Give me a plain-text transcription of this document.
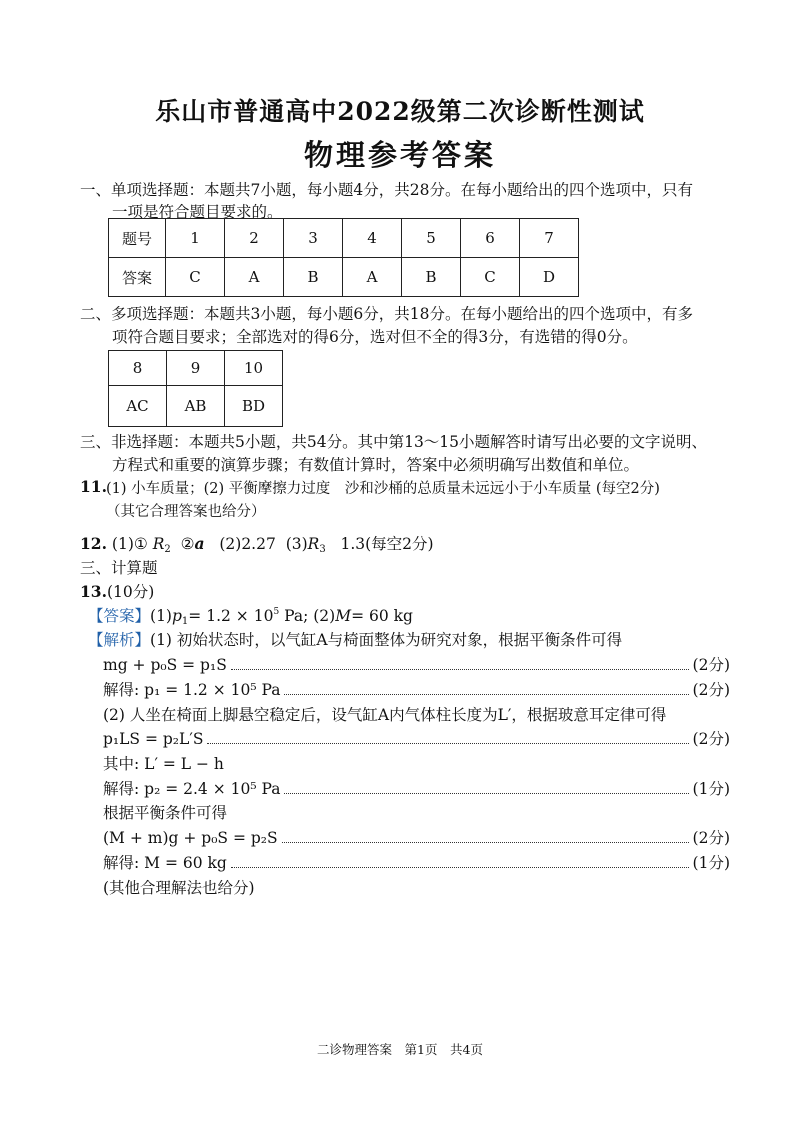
乐山市普通高中2022级第二次诊断性测试
物理参考答案
一、单项选择题：本题共7小题，每小题4分，共28分。在每小题给出的四个选项中，只有
一项是符合题目要求的。
题号	1	2	3	4	5	6	7
答案	C	A	B	A	B	C	D
二、多项选择题：本题共3小题，每小题6分，共18分。在每小题给出的四个选项中，有多
项符合题目要求；全部选对的得6分，选对但不全的得3分，有选错的得0分。
8	9	10
AC	AB	BD
三、非选择题：本题共5小题，共54分。其中第13～15小题解答时请写出必要的文字说明、
方程式和重要的演算步骤；有数值计算时，答案中必须明确写出数值和单位。
11. (1) 小车质量；(2) 平衡摩擦力过度　沙和沙桶的总质量未远远小于小车质量 (每空2分)
（其它合理答案也给分）
12. (1)① $R_2$ ②a (2)2.27 $(3)R_3$ 1.3(每空2分)
三、计算题
13.(10分)
【答案】$(1)p_1= 1.2 \times 10^5$ Pa; (2)M= 60 kg
【解析】(1) 初始状态时，以气缸A与椅面整体为研究对象，根据平衡条件可得
mg + p₀S = p₁S	(2分)
解得: p₁ = 1.2 × 10⁵ Pa	(2分)
(2) 人坐在椅面上脚悬空稳定后，设气缸A内气体柱长度为L′，根据玻意耳定律可得
p₁LS = p₂L′S	(2分)
其中: L′ = L − h
解得: p₂ = 2.4 × 10⁵ Pa	(1分)
根据平衡条件可得
(M + m)g + p₀S = p₂S	(2分)
解得: M = 60 kg	(1分)
(其他合理解法也给分)
二诊物理答案　第1页　共4页
